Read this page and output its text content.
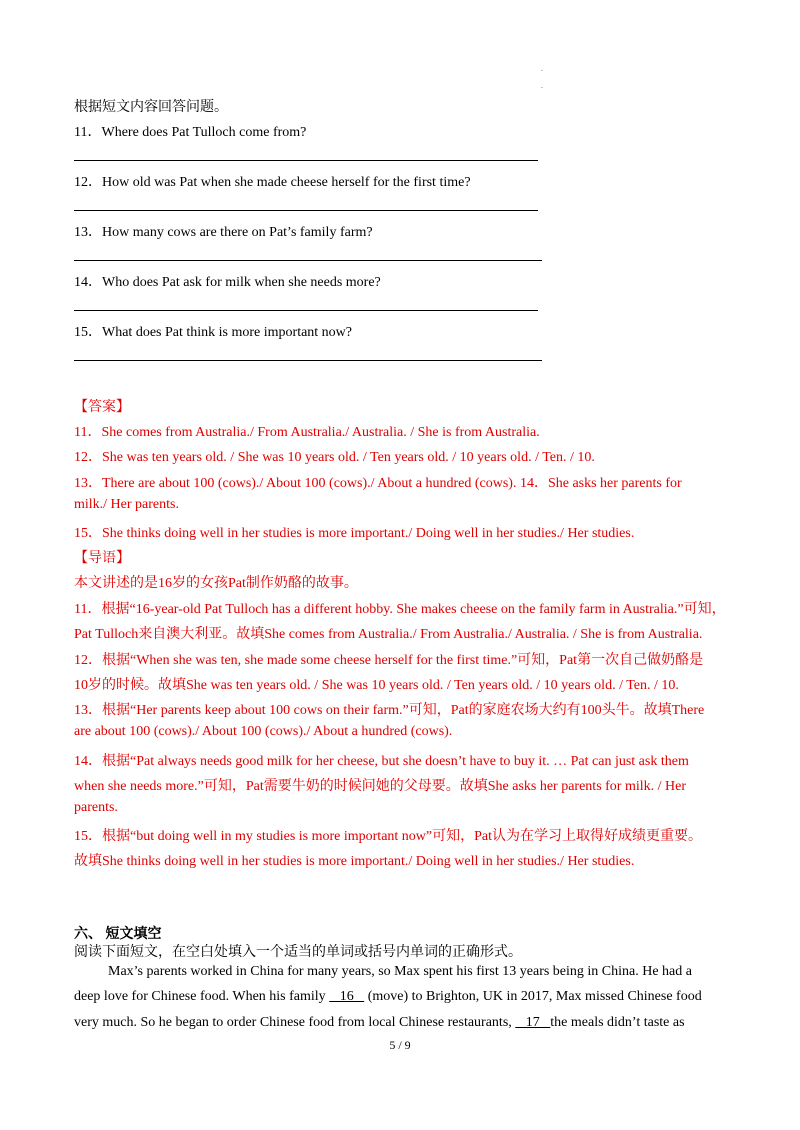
.
.
根据短文内容回答问题。
11．Where does Pat Tulloch come from?
12．How old was Pat when she made cheese herself for the first time?
13．How many cows are there on Pat’s family farm?
14．Who does Pat ask for milk when she needs more?
15．What does Pat think is more important now?
【答案】
11．She comes from Australia./ From Australia./ Australia. / She is from Australia.
12．She was ten years old. / She was 10 years old. / Ten years old. / 10 years old. / Ten. / 10.
13．There are about 100 (cows)./ About 100 (cows)./ About a hundred (cows). 14．She asks her parents for
milk./ Her parents.
15．She thinks doing well in her studies is more important./ Doing well in her studies./ Her studies.
【导语】
本文讲述的是16岁的女孩Pat制作奶酪的故事。
11．根据“16-year-old Pat Tulloch has a different hobby. She makes cheese on the family farm in Australia.”可知，
Pat Tulloch来自澳大利亚。故填She comes from Australia./ From Australia./ Australia. / She is from Australia.
12．根据“When she was ten, she made some cheese herself for the first time.”可知，Pat第一次自己做奶酪是
10岁的时候。故填She was ten years old. / She was 10 years old. / Ten years old. / 10 years old. / Ten. / 10.
13．根据“Her parents keep about 100 cows on their farm.”可知，Pat的家庭农场大约有100头牛。故填There
are about 100 (cows)./ About 100 (cows)./ About a hundred (cows).
14．根据“Pat always needs good milk for her cheese, but she doesn’t have to buy it. … Pat can just ask them
when she needs more.”可知，Pat需要牛奶的时候问她的父母要。故填She asks her parents for milk. / Her
parents.
15．根据“but doing well in my studies is more important now”可知，Pat认为在学习上取得好成绩更重要。
故填She thinks doing well in her studies is more important./ Doing well in her studies./ Her studies.
六、 短文填空
阅读下面短文，在空白处填入一个适当的单词或括号内单词的正确形式。
Max’s parents worked in China for many years, so Max spent his first 13 years being in China. He had a
deep love for Chinese food. When his family    16    (move) to Brighton, UK in 2017, Max missed Chinese food
very much. So he began to order Chinese food from local Chinese restaurants,    17   the meals didn’t taste as
5 / 9
